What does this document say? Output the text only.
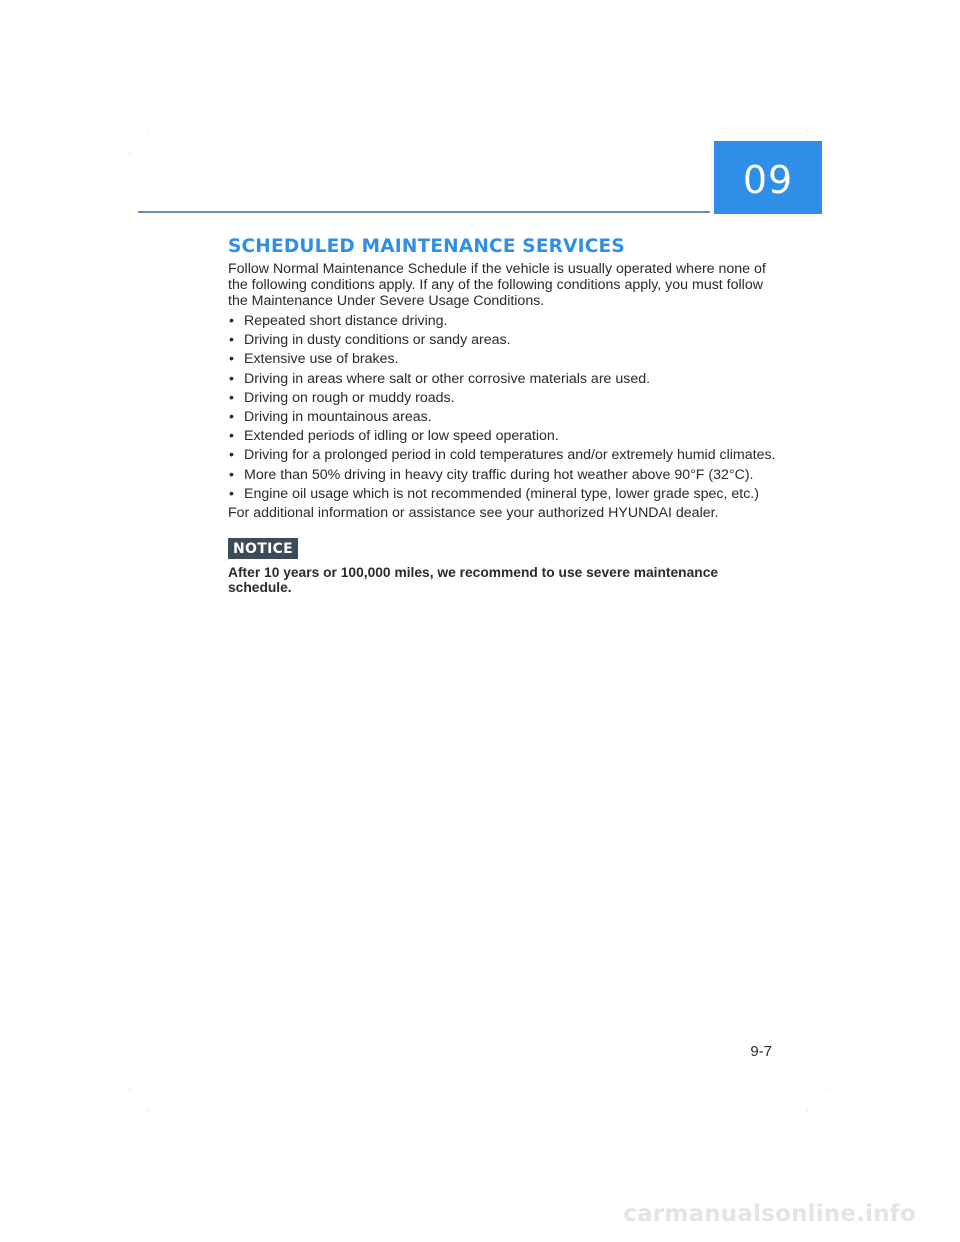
09
SCHEDULED MAINTENANCE SERVICES

Follow Normal Maintenance Schedule if the vehicle is usually operated where none of the following conditions apply. If any of the following conditions apply, you must follow the Maintenance Under Severe Usage Conditions.

• Repeated short distance driving.
• Driving in dusty conditions or sandy areas.
• Extensive use of brakes.
• Driving in areas where salt or other corrosive materials are used.
• Driving on rough or muddy roads.
• Driving in mountainous areas.
• Extended periods of idling or low speed operation.
• Driving for a prolonged period in cold temperatures and/or extremely humid climates.
• More than 50% driving in heavy city traffic during hot weather above 90°F (32°C).
• Engine oil usage which is not recommended (mineral type, lower grade spec, etc.)

For additional information or assistance see your authorized HYUNDAI dealer.

NOTICE

After 10 years or 100,000 miles, we recommend to use severe maintenance schedule.

9-7
carmanualsonline.info
